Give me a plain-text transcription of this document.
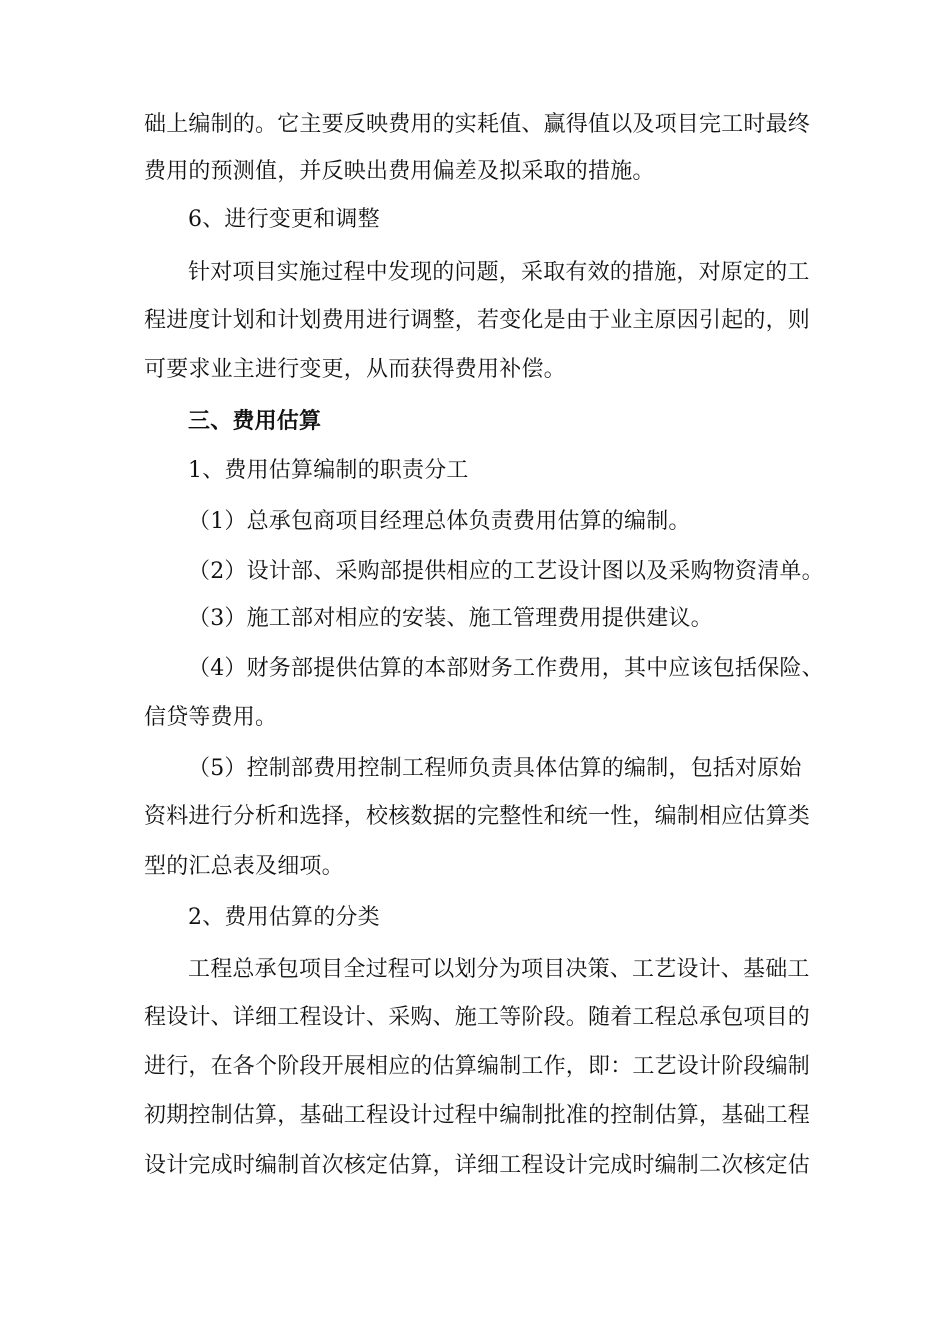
础上编制的。它主要反映费用的实耗值、赢得值以及项目完工时最终
费用的预测值，并反映出费用偏差及拟采取的措施。
6、进行变更和调整
针对项目实施过程中发现的问题，采取有效的措施，对原定的工
程进度计划和计划费用进行调整，若变化是由于业主原因引起的，则
可要求业主进行变更，从而获得费用补偿。
三、费用估算
1、费用估算编制的职责分工
（1）总承包商项目经理总体负责费用估算的编制。
（2）设计部、采购部提供相应的工艺设计图以及采购物资清单。
（3）施工部对相应的安装、施工管理费用提供建议。
（4）财务部提供估算的本部财务工作费用，其中应该包括保险、
信贷等费用。
（5）控制部费用控制工程师负责具体估算的编制，包括对原始
资料进行分析和选择，校核数据的完整性和统一性，编制相应估算类
型的汇总表及细项。
2、费用估算的分类
工程总承包项目全过程可以划分为项目决策、工艺设计、基础工
程设计、详细工程设计、采购、施工等阶段。随着工程总承包项目的
进行，在各个阶段开展相应的估算编制工作，即：工艺设计阶段编制
初期控制估算，基础工程设计过程中编制批准的控制估算，基础工程
设计完成时编制首次核定估算，详细工程设计完成时编制二次核定估
